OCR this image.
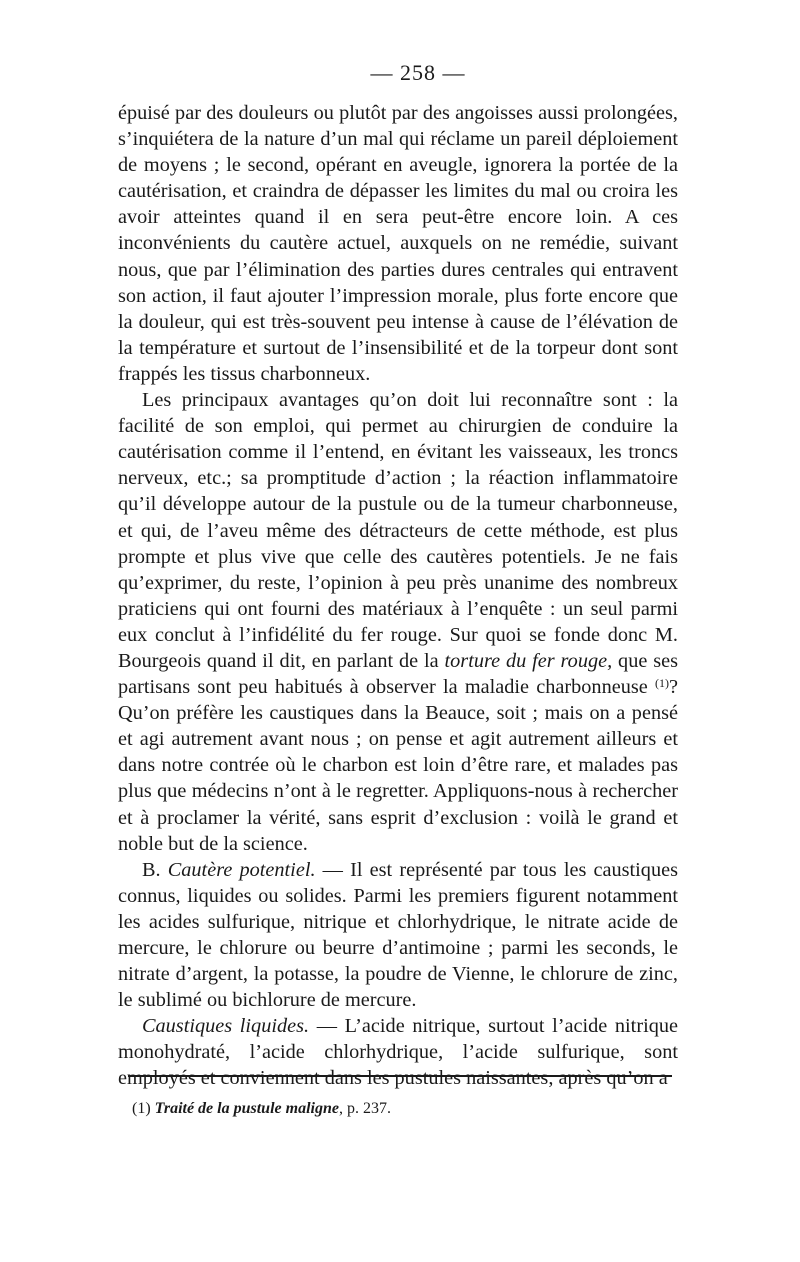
— 258 —

épuisé par des douleurs ou plutôt par des angoisses aussi prolongées, s’inquiétera de la nature d’un mal qui réclame un pareil déploiement de moyens ; le second, opérant en aveugle, ignorera la portée de la cautérisation, et craindra de dépasser les limites du mal ou croira les avoir atteintes quand il en sera peut-être encore loin. A ces inconvénients du cautère actuel, auxquels on ne remédie, suivant nous, que par l’élimination des parties dures centrales qui entravent son action, il faut ajouter l’impression morale, plus forte encore que la douleur, qui est très-souvent peu intense à cause de l’élévation de la température et surtout de l’insensibilité et de la torpeur dont sont frappés les tissus charbonneux.

Les principaux avantages qu’on doit lui reconnaître sont : la facilité de son emploi, qui permet au chirurgien de conduire la cautérisation comme il l’entend, en évitant les vaisseaux, les troncs nerveux, etc.; sa promptitude d’action ; la réaction inflammatoire qu’il développe autour de la pustule ou de la tumeur charbonneuse, et qui, de l’aveu même des détracteurs de cette méthode, est plus prompte et plus vive que celle des cautères potentiels. Je ne fais qu’exprimer, du reste, l’opinion à peu près unanime des nombreux praticiens qui ont fourni des matériaux à l’enquête : un seul parmi eux conclut à l’infidélité du fer rouge. Sur quoi se fonde donc M. Bourgeois quand il dit, en parlant de la torture du fer rouge, que ses partisans sont peu habitués à observer la maladie charbonneuse $^{(1)}$? Qu’on préfère les caustiques dans la Beauce, soit ; mais on a pensé et agi autrement avant nous ; on pense et agit autrement ailleurs et dans notre contrée où le charbon est loin d’être rare, et malades pas plus que médecins n’ont à le regretter. Appliquons-nous à rechercher et à proclamer la vérité, sans esprit d’exclusion : voilà le grand et noble but de la science.

B. Cautère potentiel. — Il est représenté par tous les caustiques connus, liquides ou solides. Parmi les premiers figurent notamment les acides sulfurique, nitrique et chlorhydrique, le nitrate acide de mercure, le chlorure ou beurre d’antimoine ; parmi les seconds, le nitrate d’argent, la potasse, la poudre de Vienne, le chlorure de zinc, le sublimé ou bichlorure de mercure.

Caustiques liquides. — L’acide nitrique, surtout l’acide nitrique monohydraté, l’acide chlorhydrique, l’acide sulfurique, sont employés et conviennent dans les pustules naissantes, après qu’on a

(1) Traité de la pustule maligne, p. 237.
